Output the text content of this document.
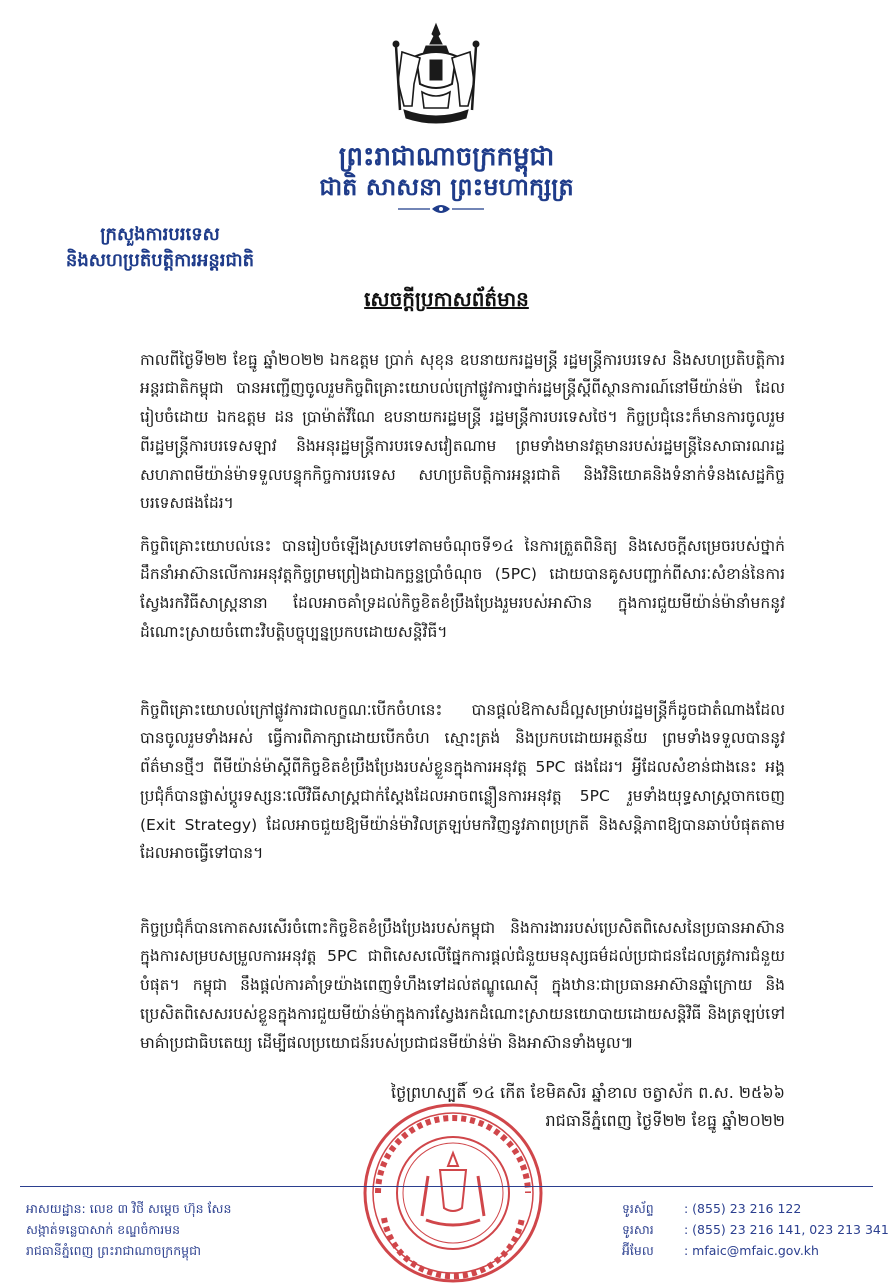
ព្រះរាជាណាចក្រកម្ពុជា
ជាតិ សាសនា ព្រះមហាក្សត្រ
ក្រសួងការបរទេស
និងសហប្រតិបត្តិការអន្តរជាតិ
សេចក្តីប្រកាសព័ត៌មាន

កាលពីថ្ងៃទី២២ ខែធ្នូ ឆ្នាំ២០២២ ឯកឧត្តម ប្រាក់ សុខុន ឧបនាយករដ្ឋមន្ត្រី រដ្ឋមន្ត្រីការបរទេស និងសហប្រតិបត្តិការអន្តរជាតិកម្ពុជា បានអញ្ជើញចូលរួមកិច្ចពិគ្រោះយោបល់ក្រៅផ្លូវការថ្នាក់រដ្ឋមន្ត្រីស្តីពីស្ថានការណ៍នៅមីយ៉ាន់ម៉ា ដែលរៀបចំដោយ ឯកឧត្តម ដន ប្រាម៉ាត់វីណៃ ឧបនាយករដ្ឋមន្ត្រី រដ្ឋមន្ត្រីការបរទេសថៃ។ កិច្ចប្រជុំនេះក៏មានការចូលរួមពីរដ្ឋមន្ត្រីការបរទេសឡាវ និងអនុរដ្ឋមន្ត្រីការបរទេសវៀតណាម ព្រមទាំងមានវត្តមានរបស់រដ្ឋមន្ត្រីនៃសាធារណរដ្ឋសហភាពមីយ៉ាន់ម៉ាទទួលបន្ទុកកិច្ចការបរទេស សហប្រតិបត្តិការអន្តរជាតិ និងវិនិយោគនិងទំនាក់ទំនងសេដ្ឋកិច្ចបរទេសផងដែរ។

កិច្ចពិគ្រោះយោបល់នេះ បានរៀបចំឡើងស្របទៅតាមចំណុចទី១៤ នៃការត្រួតពិនិត្យ និងសេចក្តីសម្រេចរបស់ថ្នាក់ដឹកនាំអាស៊ានលើការអនុវត្តកិច្ចព្រមព្រៀងជាឯកច្ឆន្ទប្រាំចំណុច (5PC) ដោយបានគូសបញ្ជាក់ពីសារៈសំខាន់នៃការស្វែងរកវិធីសាស្ត្រនានា ដែលអាចគាំទ្រដល់កិច្ចខិតខំប្រឹងប្រែងរួមរបស់អាស៊ាន ក្នុងការជួយមីយ៉ាន់ម៉ានាំមកនូវដំណោះស្រាយចំពោះវិបត្តិបច្ចុប្បន្នប្រកបដោយសន្តិវិធី។

កិច្ចពិគ្រោះយោបល់ក្រៅផ្លូវការជាលក្ខណៈបើកចំហនេះ បានផ្តល់ឱកាសដ៏ល្អសម្រាប់រដ្ឋមន្ត្រីក៏ដូចជាតំណាងដែលបានចូលរួមទាំងអស់ ធ្វើការពិភាក្សាដោយបើកចំហ ស្មោះត្រង់ និងប្រកបដោយអត្ថន័យ ព្រមទាំងទទួលបាននូវព័ត៌មានថ្មីៗ ពីមីយ៉ាន់ម៉ាស្តីពីកិច្ចខិតខំប្រឹងប្រែងរបស់ខ្លួនក្នុងការអនុវត្ត 5PC ផងដែរ។ អ្វីដែលសំខាន់ជាងនេះ អង្គប្រជុំក៏បានផ្លាស់ប្តូរទស្សនៈលើវិធីសាស្ត្រជាក់ស្តែងដែលអាចពន្លឿនការអនុវត្ត 5PC រួមទាំងយុទ្ធសាស្ត្រចាកចេញ (Exit Strategy) ដែលអាចជួយឱ្យមីយ៉ាន់ម៉ាវិលត្រឡប់មកវិញនូវភាពប្រក្រតី និងសន្តិភាពឱ្យបានឆាប់បំផុតតាមដែលអាចធ្វើទៅបាន។

កិច្ចប្រជុំក៏បានកោតសរសើរចំពោះកិច្ចខិតខំប្រឹងប្រែងរបស់កម្ពុជា និងការងាររបស់ប្រេសិតពិសេសនៃប្រធានអាស៊ាន ក្នុងការសម្របសម្រួលការអនុវត្ត 5PC ជាពិសេសលើផ្នែកការផ្តល់ជំនួយមនុស្សធម៌ដល់ប្រជាជនដែលត្រូវការជំនួយបំផុត។ កម្ពុជា នឹងផ្តល់ការគាំទ្រយ៉ាងពេញទំហឹងទៅដល់ឥណ្ឌូណេស៊ី ក្នុងឋានៈជាប្រធានអាស៊ានឆ្នាំក្រោយ និងប្រេសិតពិសេសរបស់ខ្លួនក្នុងការជួយមីយ៉ាន់ម៉ាក្នុងការស្វែងរកដំណោះស្រាយនយោបាយដោយសន្តិវិធី និងត្រឡប់ទៅមាគ៌ាប្រជាធិបតេយ្យ ដើម្បីផលប្រយោជន៍របស់ប្រជាជនមីយ៉ាន់ម៉ា និងអាស៊ានទាំងមូល៕

ថ្ងៃព្រហស្បតិ៍ ១៤ កើត ខែមិគសិរ ឆ្នាំខាល ចត្វាស័ក ព.ស. ២៥៦៦
រាជធានីភ្នំពេញ ថ្ងៃទី២២ ខែធ្នូ ឆ្នាំ២០២២
អាសយដ្ឋាន: លេខ ៣ វិថី សម្តេច ហ៊ុន សែន
សង្កាត់ទន្លេបាសាក់ ខណ្ឌចំការមន
រាជធានីភ្នំពេញ ព្រះរាជាណាចក្រកម្ពុជា
ទូរស័ព្ទ : (855) 23 216 122
ទូរសារ : (855) 23 216 141, 023 213 341
អ៊ីមែល : mfaic@mfaic.gov.kh
